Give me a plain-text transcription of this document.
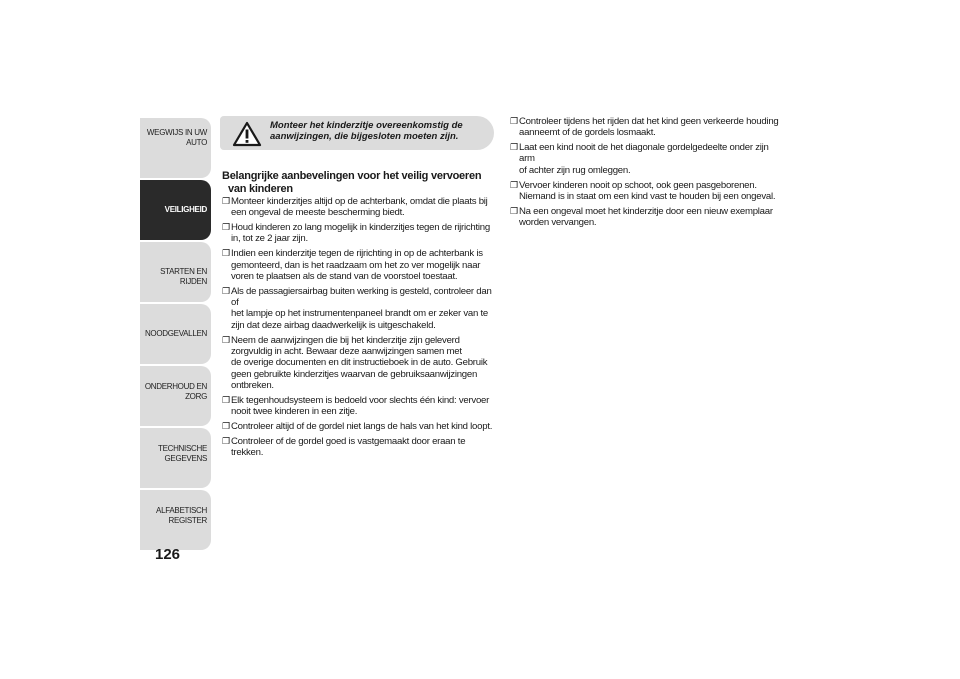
WEGWIJS IN UW AUTO
VEILIGHEID
STARTEN EN RIJDEN
NOODGEVALLEN
ONDERHOUD EN ZORG
TECHNISCHE GEGEVENS
ALFABETISCH REGISTER
126
Monteer het kinderzitje overeenkomstig de
aanwijzingen, die bijgesloten moeten zijn.
Belangrijke aanbevelingen voor het veilig vervoeren
van kinderen
❐ Monteer kinderzitjes altijd op de achterbank, omdat die plaats bij
een ongeval de meeste bescherming biedt.
❐ Houd kinderen zo lang mogelijk in kinderzitjes tegen de rijrichting
in, tot ze 2 jaar zijn.
❐ Indien een kinderzitje tegen de rijrichting in op de achterbank is
gemonteerd, dan is het raadzaam om het zo ver mogelijk naar
voren te plaatsen als de stand van de voorstoel toestaat.
❐ Als de passagiersairbag buiten werking is gesteld, controleer dan of
het lampje op het instrumentenpaneel brandt om er zeker van te
zijn dat deze airbag daadwerkelijk is uitgeschakeld.
❐ Neem de aanwijzingen die bij het kinderzitje zijn geleverd
zorgvuldig in acht. Bewaar deze aanwijzingen samen met
de overige documenten en dit instructieboek in de auto. Gebruik
geen gebruikte kinderzitjes waarvan de gebruiksaanwijzingen
ontbreken.
❐ Elk tegenhoudsysteem is bedoeld voor slechts één kind: vervoer
nooit twee kinderen in een zitje.
❐ Controleer altijd of de gordel niet langs de hals van het kind loopt.
❐ Controleer of de gordel goed is vastgemaakt door eraan te trekken.
❐ Controleer tijdens het rijden dat het kind geen verkeerde houding
aanneemt of de gordels losmaakt.
❐ Laat een kind nooit de het diagonale gordelgedeelte onder zijn arm
of achter zijn rug omleggen.
❐ Vervoer kinderen nooit op schoot, ook geen pasgeborenen.
Niemand is in staat om een kind vast te houden bij een ongeval.
❐ Na een ongeval moet het kinderzitje door een nieuw exemplaar
worden vervangen.
